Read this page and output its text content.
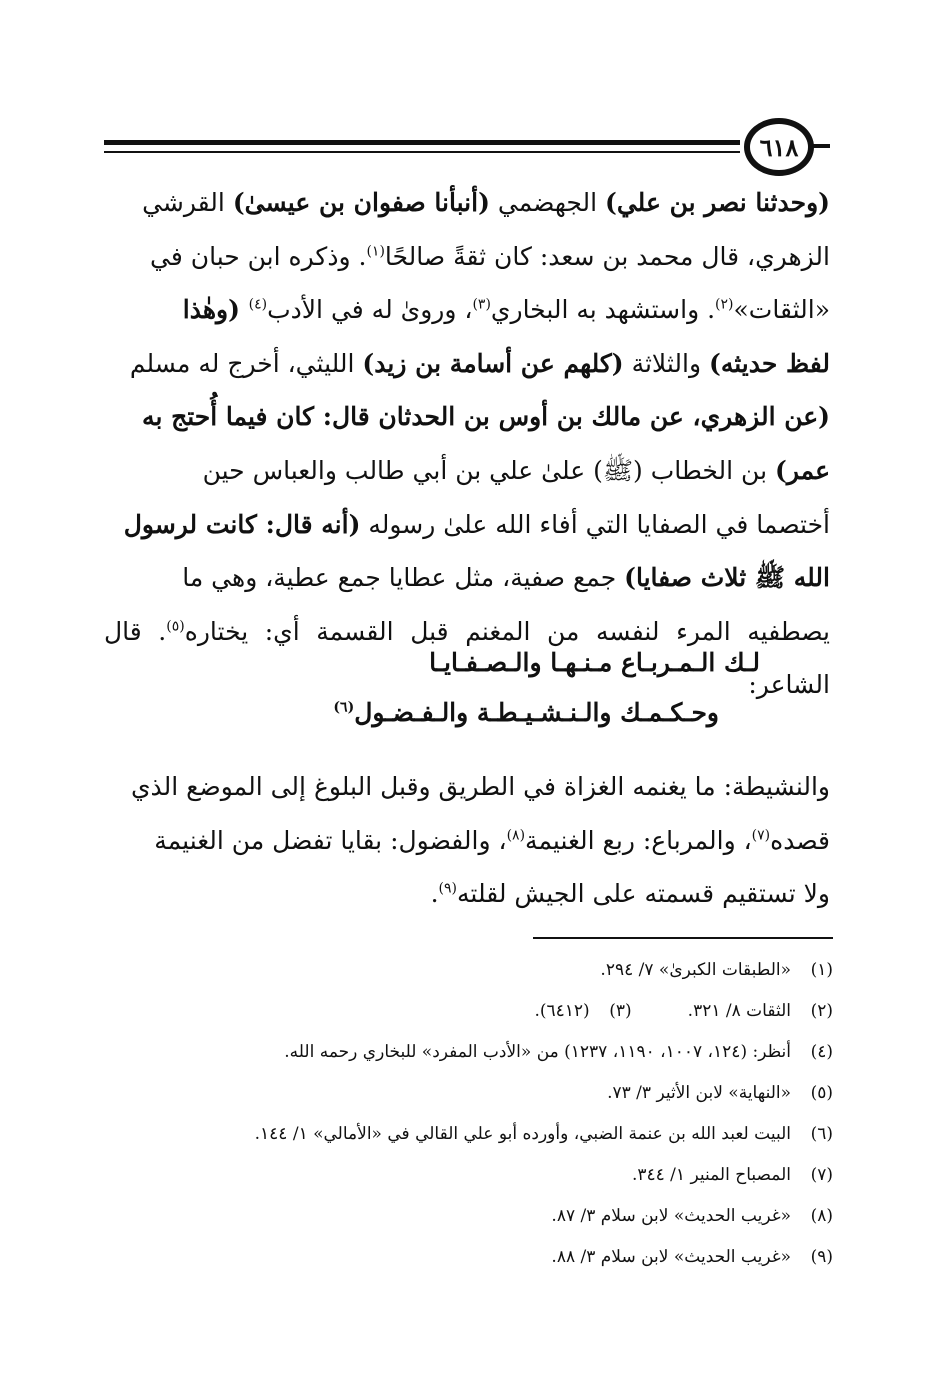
٦١٨
(وحدثنا نصر بن علي) الجهضمي (أنبأنا صفوان بن عيسىٰ) القرشي
الزهري، قال محمد بن سعد: كان ثقةً صالحًا$^{(١)}$. وذكره ابن حبان في
«الثقات»$^{(٢)}$. واستشهد به البخاري$^{(٣)}$، وروىٰ له في الأدب$^{(٤)}$ (وهٰذا
لفظ حديثه) والثلاثة (كلهم عن أسامة بن زيد) الليثي، أخرج له مسلم
(عن الزهري، عن مالك بن أوس بن الحدثان قال: كان فيما أُحتج به
عمر) بن الخطاب (ﷺ) علىٰ علي بن أبي طالب والعباس حين
أختصما في الصفايا التي أفاء الله علىٰ رسوله (أنه قال: كانت لرسول
الله ﷺ ثلاث صفايا) جمع صفية، مثل عطايا جمع عطية، وهي ما
يصطفيه المرء لنفسه من المغنم قبل القسمة أي: يختاره$^{(٥)}$. قال الشاعر:
لـك الـمـربـاع مـنـهـا والـصـفـايـا
وحـكـمـك والـنـشـيـطـة والـفـضـول$^{(٦)}$
والنشيطة: ما يغنمه الغزاة في الطريق وقبل البلوغ إلى الموضع الذي
قصده$^{(٧)}$، والمرباع: ربع الغنيمة$^{(٨)}$، والفضول: بقايا تفضل من الغنيمة
ولا تستقيم قسمته على الجيش لقلته$^{(٩)}$.
(١)«الطبقات الكبرىٰ» ٧/ ٢٩٤.
(٢)الثقات ٨/ ٣٢١.(٣)(٦٤١٢).
(٤)أنظر: (١٢٤، ١٠٠٧، ١١٩٠، ١٢٣٧) من «الأدب المفرد» للبخاري رحمه الله.
(٥)«النهاية» لابن الأثير ٣/ ٧٣.
(٦)البيت لعبد الله بن عنمة الضبي، وأورده أبو علي القالي في «الأمالي» ١/ ١٤٤.
(٧)المصباح المنير ١/ ٣٤٤.
(٨)«غريب الحديث» لابن سلام ٣/ ٨٧.
(٩)«غريب الحديث» لابن سلام ٣/ ٨٨.
